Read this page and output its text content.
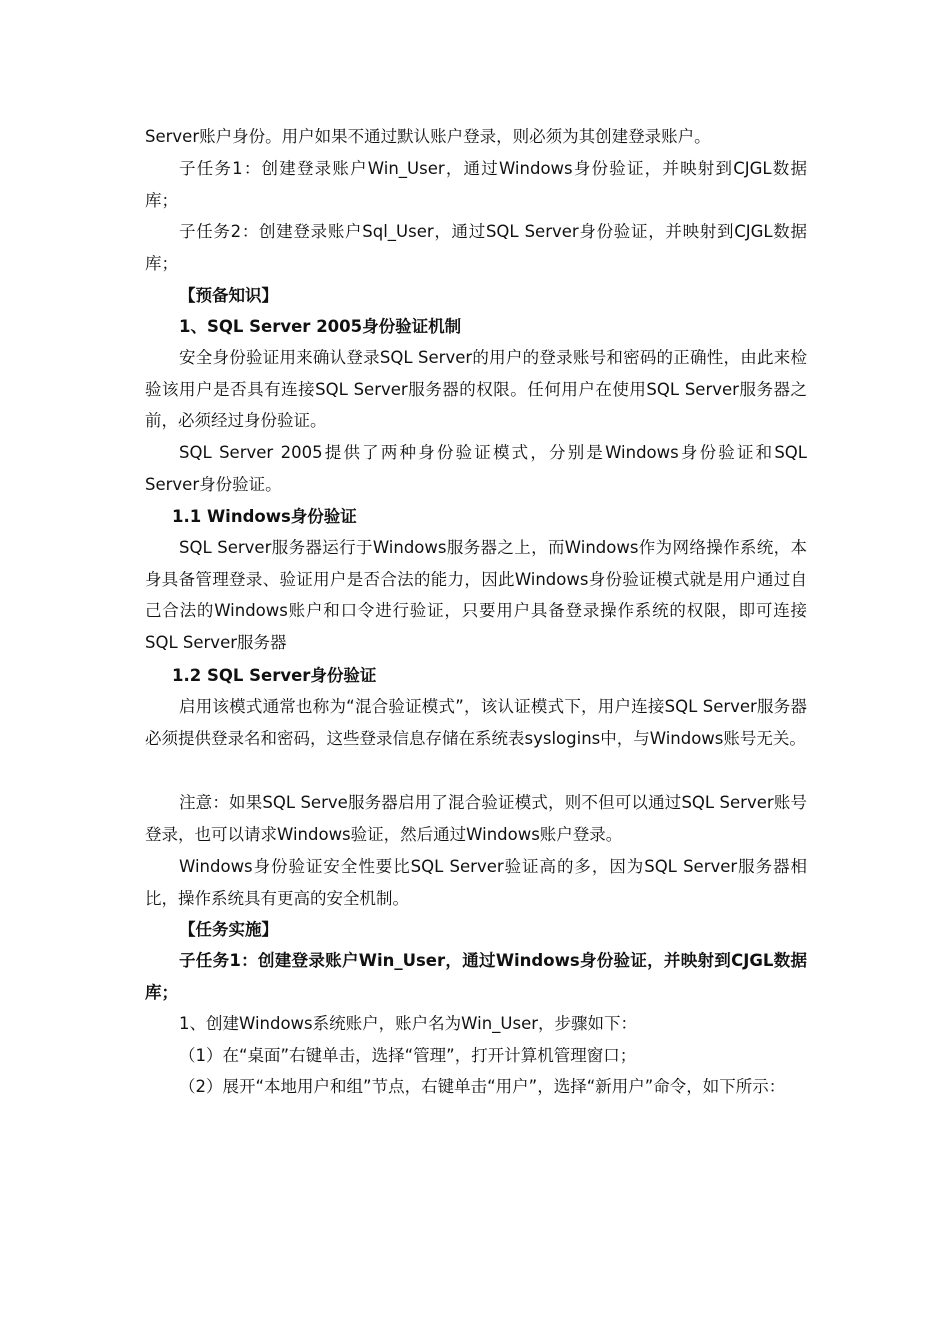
Server账户身份。用户如果不通过默认账户登录，则必须为其创建登录账户。

子任务1：创建登录账户Win_User，通过Windows身份验证，并映射到CJGL数据库；

子任务2：创建登录账户Sql_User，通过SQL Server身份验证，并映射到CJGL数据库；

【预备知识】

1、SQL Server 2005身份验证机制

安全身份验证用来确认登录SQL Server的用户的登录账号和密码的正确性，由此来检验该用户是否具有连接SQL Server服务器的权限。任何用户在使用SQL Server服务器之前，必须经过身份验证。

SQL Server 2005提供了两种身份验证模式，分别是Windows身份验证和SQL Server身份验证。

1.1 Windows身份验证

SQL Server服务器运行于Windows服务器之上，而Windows作为网络操作系统，本身具备管理登录、验证用户是否合法的能力，因此Windows身份验证模式就是用户通过自己合法的Windows账户和口令进行验证，只要用户具备登录操作系统的权限，即可连接SQL Server服务器

1.2 SQL Server身份验证

启用该模式通常也称为“混合验证模式”，该认证模式下，用户连接SQL Server服务器必须提供登录名和密码，这些登录信息存储在系统表syslogins中，与Windows账号无关。

注意：如果SQL Serve服务器启用了混合验证模式，则不但可以通过SQL Server账号登录，也可以请求Windows验证，然后通过Windows账户登录。

Windows身份验证安全性要比SQL Server验证高的多，因为SQL Server服务器相比，操作系统具有更高的安全机制。

【任务实施】

子任务1：创建登录账户Win_User，通过Windows身份验证，并映射到CJGL数据库；

1、创建Windows系统账户，账户名为Win_User，步骤如下：

（1）在“桌面”右键单击，选择“管理”，打开计算机管理窗口；

（2）展开“本地用户和组”节点，右键单击“用户”，选择“新用户”命令，如下所示：
